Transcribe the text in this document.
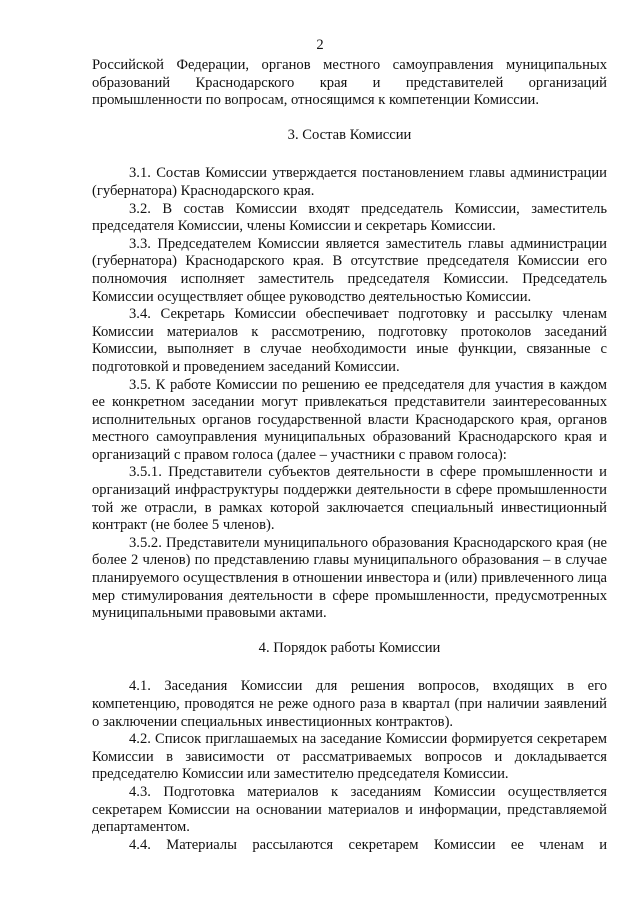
2

Российской Федерации, органов местного самоуправления муниципальных образований Краснодарского края и представителей организаций промышленности по вопросам, относящимся к компетенции Комиссии.

3. Состав Комиссии

3.1. Состав Комиссии утверждается постановлением главы администрации (губернатора) Краснодарского края.

3.2. В состав Комиссии входят председатель Комиссии, заместитель председателя Комиссии, члены Комиссии и секретарь Комиссии.

3.3. Председателем Комиссии является заместитель главы администрации (губернатора) Краснодарского края. В отсутствие председателя Комиссии его полномочия исполняет заместитель председателя Комиссии. Председатель Комиссии осуществляет общее руководство деятельностью Комиссии.

3.4. Секретарь Комиссии обеспечивает подготовку и рассылку членам Комиссии материалов к рассмотрению, подготовку протоколов заседаний Комиссии, выполняет в случае необходимости иные функции, связанные с подготовкой и проведением заседаний Комиссии.

3.5. К работе Комиссии по решению ее председателя для участия в каждом ее конкретном заседании могут привлекаться представители заинтересованных исполнительных органов государственной власти Краснодарского края, органов местного самоуправления муниципальных образований Краснодарского края и организаций с правом голоса (далее – участники с правом голоса):

3.5.1. Представители субъектов деятельности в сфере промышленности и организаций инфраструктуры поддержки деятельности в сфере промышленности той же отрасли, в рамках которой заключается специальный инвестиционный контракт (не более 5 членов).

3.5.2. Представители муниципального образования Краснодарского края (не более 2 членов) по представлению главы муниципального образования – в случае планируемого осуществления в отношении инвестора и (или) привлеченного лица мер стимулирования деятельности в сфере промышленности, предусмотренных муниципальными правовыми актами.

4. Порядок работы Комиссии

4.1. Заседания Комиссии для решения вопросов, входящих в его компетенцию, проводятся не реже одного раза в квартал (при наличии заявлений о заключении специальных инвестиционных контрактов).

4.2. Список приглашаемых на заседание Комиссии формируется секретарем Комиссии в зависимости от рассматриваемых вопросов и докладывается председателю Комиссии или заместителю председателя Комиссии.

4.3. Подготовка материалов к заседаниям Комиссии осуществляется секретарем Комиссии на основании материалов и информации, представляемой департаментом.

4.4. Материалы рассылаются секретарем Комиссии ее членам и
